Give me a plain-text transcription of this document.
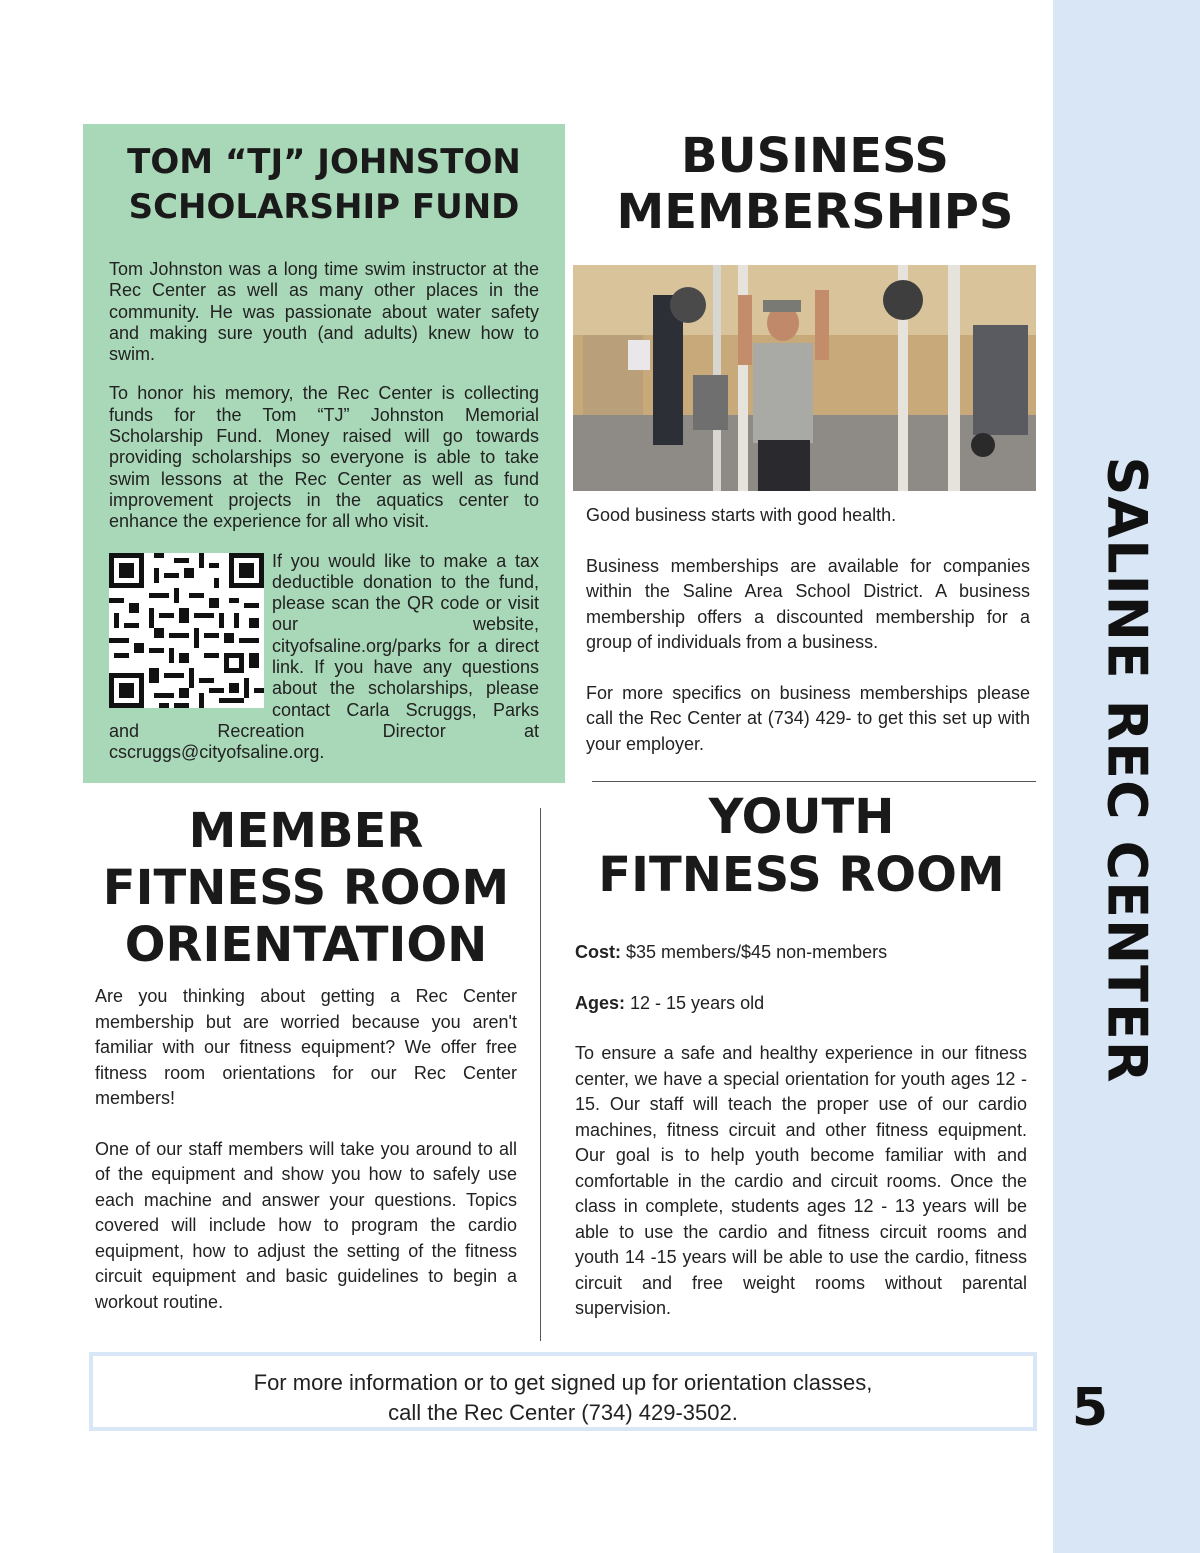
SALINE REC CENTER
5
TOM “TJ” JOHNSTON
SCHOLARSHIP FUND

Tom Johnston was a long time swim instructor at the Rec Center as well as many other places in the community. He was passionate about water safety and making sure youth (and adults) knew how to swim.

To honor his memory, the Rec Center is collecting funds for the Tom “TJ” Johnston Memorial Scholarship Fund. Money raised will go towards providing scholarships so everyone is able to take swim lessons at the Rec Center as well as fund improvement projects in the aquatics center to enhance the experience for all who visit.

If you would like to make a tax deductible donation to the fund, please scan the QR code or visit our website, cityofsaline.org/parks for a direct link. If you have any questions about the scholarships, please contact Carla Scruggs, Parks and Recreation Director at cscruggs@cityofsaline.org.
BUSINESS
MEMBERSHIPS

Good business starts with good health.

Business memberships are available for companies within the Saline Area School District. A business membership offers a discounted membership for a group of individuals from a business.

For more specifics on business memberships please call the Rec Center at (734) 429- to get this set up with your employer.

MEMBER
FITNESS ROOM
ORIENTATION

Are you thinking about getting a Rec Center membership but are worried because you aren't familiar with our fitness equipment? We offer free fitness room orientations for our Rec Center members!

One of our staff members will take you around to all of the equipment and show you how to safely use each machine and answer your questions. Topics covered will include how to program the cardio equipment, how to adjust the setting of the fitness circuit equipment and basic guidelines to begin a workout routine.

YOUTH
FITNESS ROOM

Cost: $35 members/$45 non-members

Ages: 12 - 15 years old

To ensure a safe and healthy experience in our fitness center, we have a special orientation for youth ages 12 - 15. Our staff will teach the proper use of our cardio machines, fitness circuit and other fitness equipment. Our goal is to help youth become familiar with and comfortable in the cardio and circuit rooms. Once the class in complete, students ages 12 - 13 years will be able to use the cardio and fitness circuit rooms and youth 14 -15 years will be able to use the cardio, fitness circuit and free weight rooms without parental supervision.

For more information or to get signed up for orientation classes,
call the Rec Center (734) 429-3502.
